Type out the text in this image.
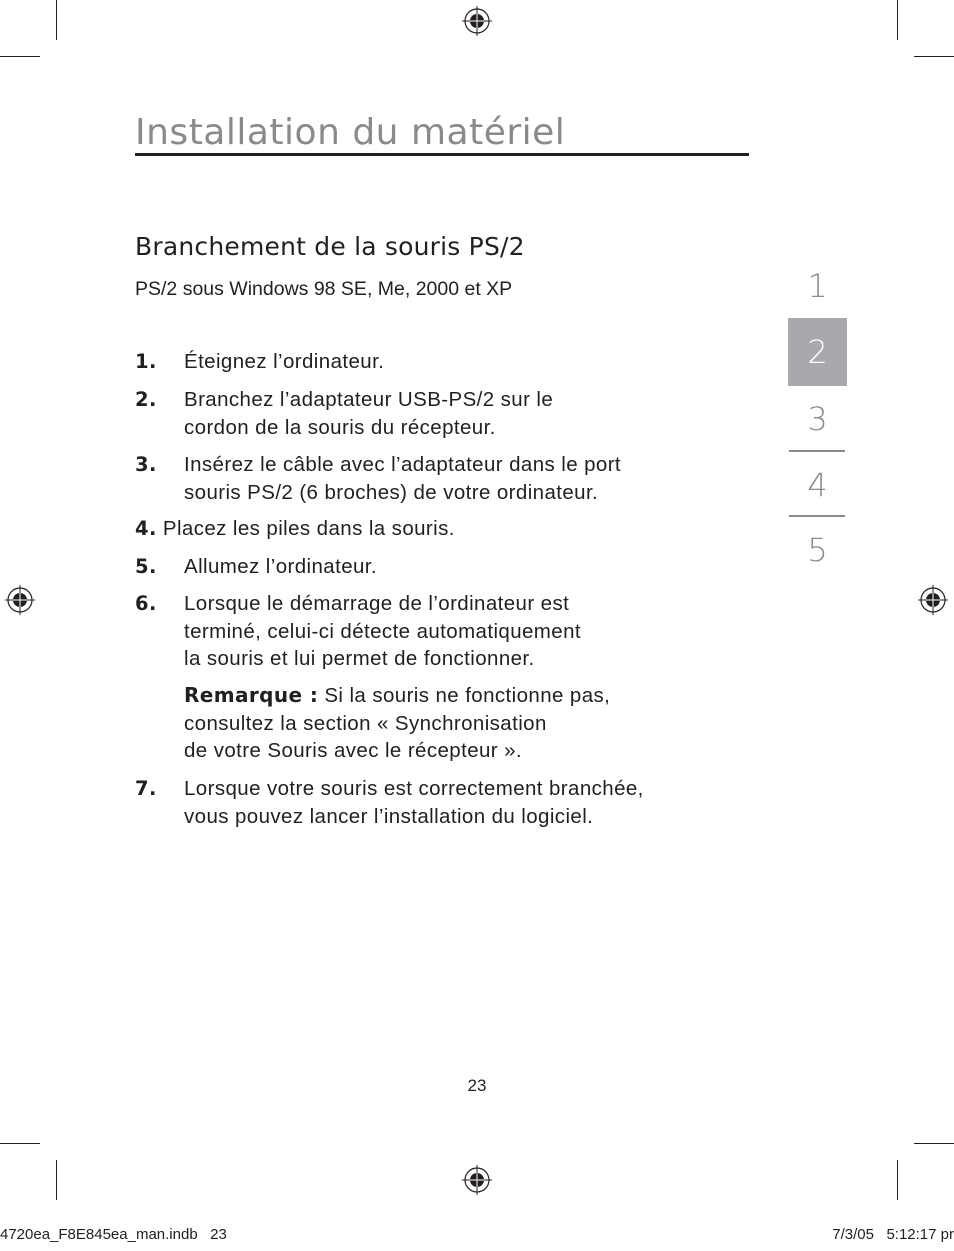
Installation du matériel
Branchement de la souris PS/2
PS/2 sous Windows 98 SE, Me, 2000 et XP
1. Éteignez l’ordinateur.
2. Branchez l’adaptateur USB-PS/2 sur le
cordon de la souris du récepteur.
3. Insérez le câble avec l’adaptateur dans le port
souris PS/2 (6 broches) de votre ordinateur.
4. Placez les piles dans la souris.
5. Allumez l’ordinateur.
6. Lorsque le démarrage de l’ordinateur est
terminé, celui-ci détecte automatiquement
la souris et lui permet de fonctionner.
Remarque : Si la souris ne fonctionne pas,
consultez la section « Synchronisation
de votre Souris avec le récepteur ».
7. Lorsque votre souris est correctement branchée,
vous pouvez lancer l’installation du logiciel.
1
2
3
4
5
23
4720ea_F8E845ea_man.indb   23	7/3/05   5:12:17 pr
